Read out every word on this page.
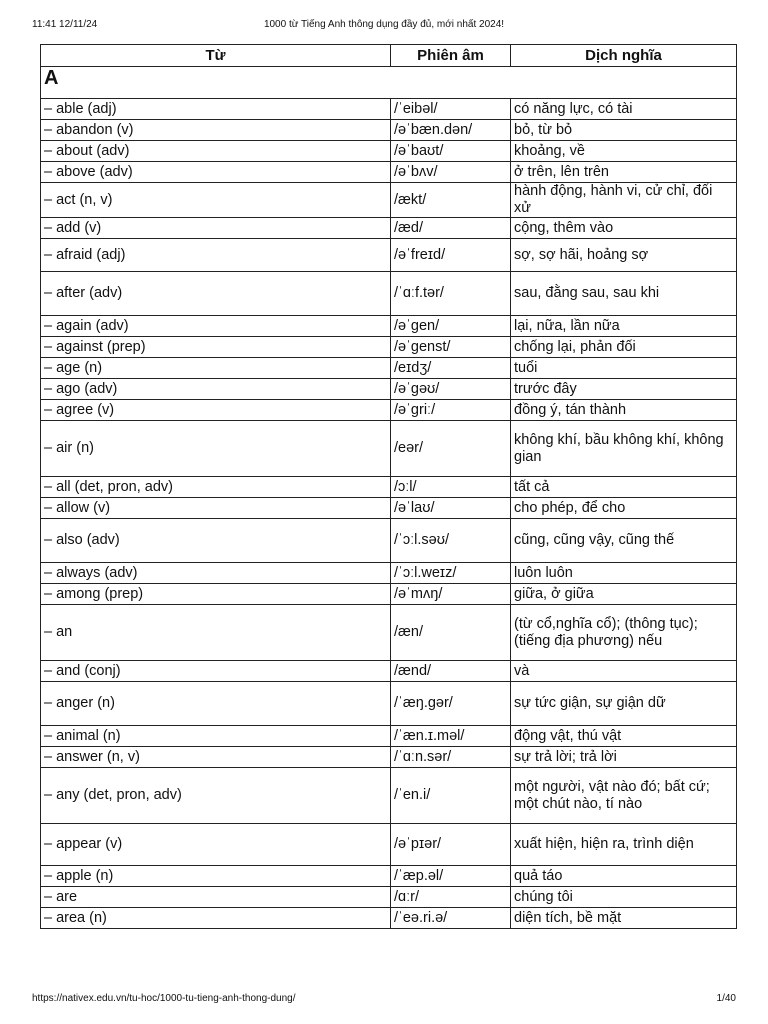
11:41 12/11/24	1000 từ Tiếng Anh thông dụng đầy đủ, mới nhất 2024!
Từ	Phiên âm	Dịch nghĩa
A		
– able (adj)	/ˈeibəl/	có năng lực, có tài
– abandon (v)	/əˈbæn.dən/	bỏ, từ bỏ
– about (adv)	/əˈbaʊt/	khoảng, về
– above (adv)	/əˈbʌv/	ở trên, lên trên
– act (n, v)	/ækt/	hành động, hành vi, cử chỉ, đối xử
– add (v)	/æd/	cộng, thêm vào
– afraid (adj)	/əˈfreɪd/	sợ, sợ hãi, hoảng sợ
– after (adv)	/ˈɑːf.tər/	sau, đằng sau, sau khi
– again (adv)	/əˈgen/	lại, nữa, lần nữa
– against (prep)	/əˈgenst/	chống lại, phản đối
– age (n)	/eɪdʒ/	tuổi
– ago (adv)	/əˈgəʊ/	trước đây
– agree (v)	/əˈgriː/	đồng ý, tán thành
– air (n)	/eər/	không khí, bầu không khí, không gian
– all (det, pron, adv)	/ɔːl/	tất cả
– allow (v)	/əˈlaʊ/	cho phép, để cho
– also (adv)	/ˈɔːl.səʊ/	cũng, cũng vậy, cũng thế
– always (adv)	/ˈɔːl.weɪz/	luôn luôn
– among (prep)	/əˈmʌŋ/	giữa, ở giữa
– an	/æn/	(từ cổ,nghĩa cổ); (thông tục); (tiếng địa phương) nếu
– and (conj)	/ænd/	và
– anger (n)	/ˈæŋ.gər/	sự tức giận, sự giận dữ
– animal (n)	/ˈæn.ɪ.məl/	động vật, thú vật
– answer (n, v)	/ˈɑːn.sər/	sự trả lời; trả lời
– any (det, pron, adv)	/ˈen.i/	một người, vật nào đó; bất cứ; một chút nào, tí nào
– appear (v)	/əˈpɪər/	xuất hiện, hiện ra, trình diện
– apple (n)	/ˈæp.əl/	quả táo
– are	/ɑːr/	chúng tôi
– area (n)	/ˈeə.ri.ə/	diện tích, bề mặt
https://nativex.edu.vn/tu-hoc/1000-tu-tieng-anh-thong-dung/	1/40
